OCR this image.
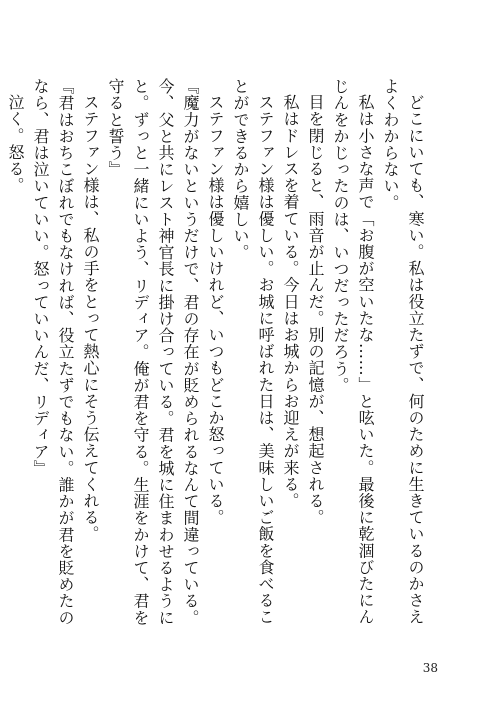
どこにいても、寒い。私は役立たずで、何のために生きているのかさえよくわからない。

私は小さな声で「お腹が空いたな……」と呟いた。最後に乾涸びたにんじんをかじったのは、いつだっただろう。

目を閉じると、雨音が止んだ。別の記憶が、想起される。

私はドレスを着ている。今日はお城からお迎えが来る。

ステファン様は優しい。お城に呼ばれた日は、美味しいご飯を食べることができるから嬉しい。

ステファン様は優しいけれど、いつもどこか怒っている。

『魔力がないというだけで、君の存在が貶められるなんて間違っている。今、父と共にレスト神官長に掛け合っている。君を城に住まわせるようにと。ずっと一緒にいよう、リディア。俺が君を守る。生涯をかけて、君を守ると誓う』

ステファン様は、私の手をとって熱心にそう伝えてくれる。

『君はおちこぼれでもなければ、役立たずでもない。誰かが君を貶めたのなら、君は泣いていい。怒っていいんだ、リディア』

泣く。怒る。

38
